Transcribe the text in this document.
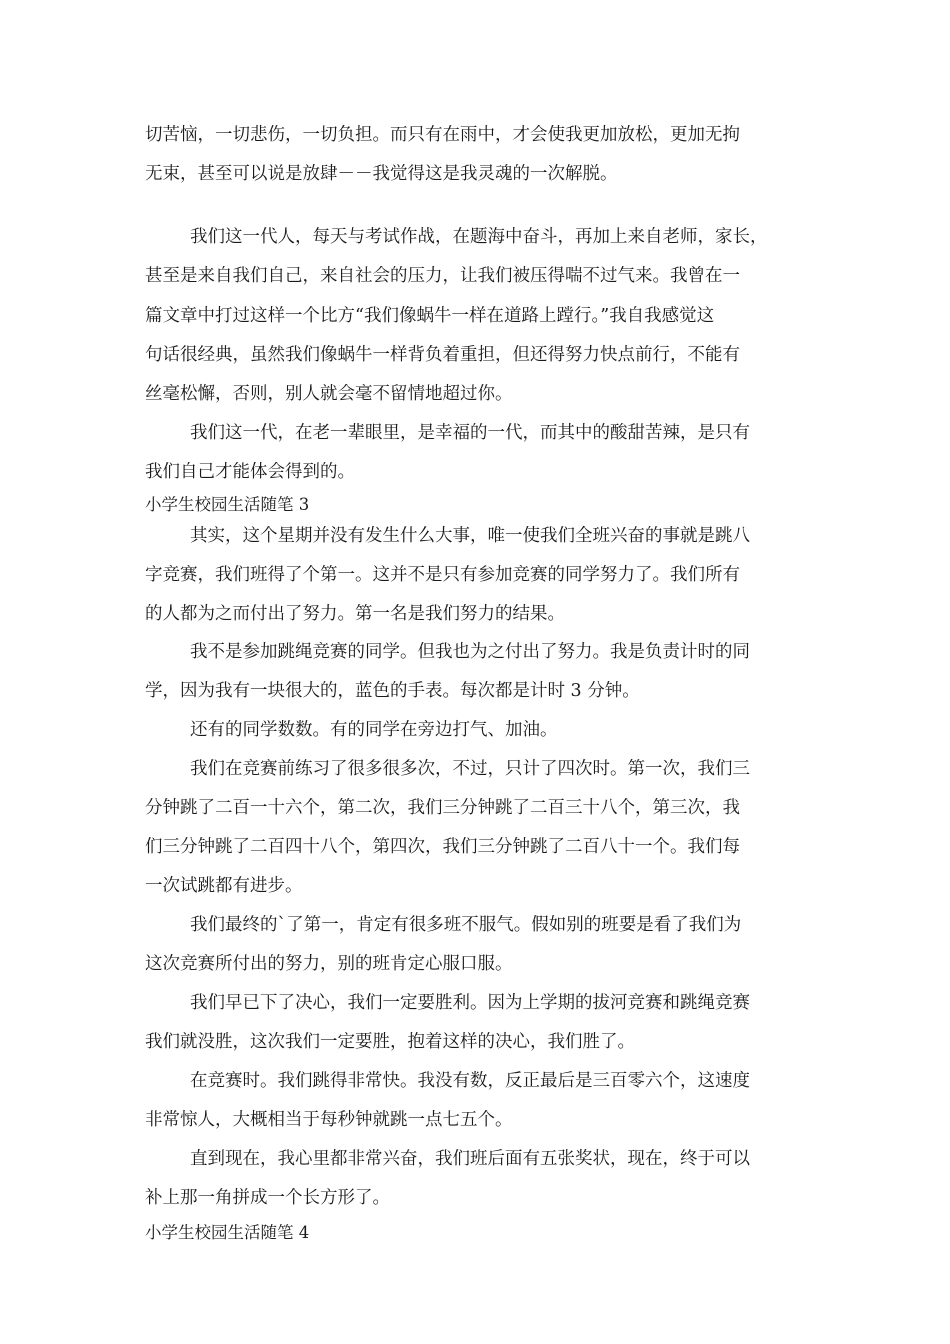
切苦恼，一切悲伤，一切负担。而只有在雨中，才会使我更加放松，更加无拘
无束，甚至可以说是放肆－－我觉得这是我灵魂的一次解脱。
我们这一代人，每天与考试作战，在题海中奋斗，再加上来自老师，家长，
甚至是来自我们自己，来自社会的压力，让我们被压得喘不过气来。我曾在一
篇文章中打过这样一个比方“我们像蜗牛一样在道路上蹚行。”我自我感觉这
句话很经典，虽然我们像蜗牛一样背负着重担，但还得努力快点前行，不能有
丝毫松懈，否则，别人就会毫不留情地超过你。
我们这一代，在老一辈眼里，是幸福的一代，而其中的酸甜苦辣，是只有
我们自己才能体会得到的。
小学生校园生活随笔 3
其实，这个星期并没有发生什么大事，唯一使我们全班兴奋的事就是跳八
字竞赛，我们班得了个第一。这并不是只有参加竞赛的同学努力了。我们所有
的人都为之而付出了努力。第一名是我们努力的结果。
我不是参加跳绳竞赛的同学。但我也为之付出了努力。我是负责计时的同
学，因为我有一块很大的，蓝色的手表。每次都是计时 3 分钟。
还有的同学数数。有的同学在旁边打气、加油。
我们在竞赛前练习了很多很多次，不过，只计了四次时。第一次，我们三
分钟跳了二百一十六个，第二次，我们三分钟跳了二百三十八个，第三次，我
们三分钟跳了二百四十八个，第四次，我们三分钟跳了二百八十一个。我们每
一次试跳都有进步。
我们最终的`了第一，肯定有很多班不服气。假如别的班要是看了我们为
这次竞赛所付出的努力，别的班肯定心服口服。
我们早已下了决心，我们一定要胜利。因为上学期的拔河竞赛和跳绳竞赛
我们就没胜，这次我们一定要胜，抱着这样的决心，我们胜了。
在竞赛时。我们跳得非常快。我没有数，反正最后是三百零六个，这速度
非常惊人，大概相当于每秒钟就跳一点七五个。
直到现在，我心里都非常兴奋，我们班后面有五张奖状，现在，终于可以
补上那一角拼成一个长方形了。
小学生校园生活随笔 4
